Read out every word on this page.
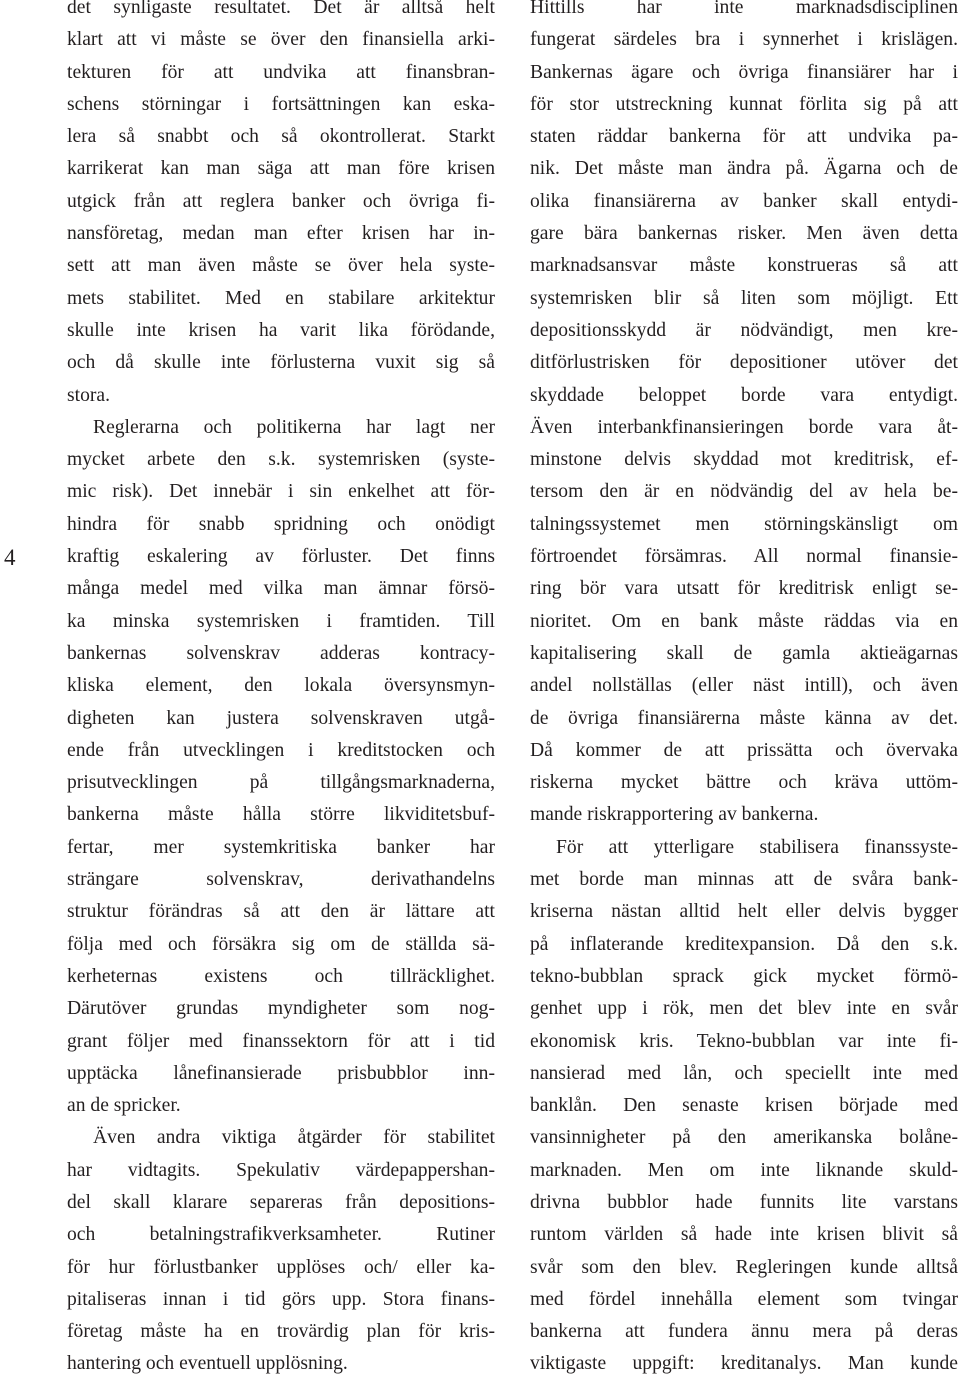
4
det synligaste resultatet. Det är alltså helt
klart att vi måste se över den finansiella arki-
tekturen för att undvika att finansbran-
schens störningar i fortsättningen kan eska-
lera så snabbt och så okontrollerat. Starkt
karrikerat kan man säga att man före krisen
utgick från att reglera banker och övriga fi-
nansföretag, medan man efter krisen har in-
sett att man även måste se över hela syste-
mets stabilitet. Med en stabilare arkitektur
skulle inte krisen ha varit lika förödande,
och då skulle inte förlusterna vuxit sig så
stora.
Reglerarna och politikerna har lagt ner
mycket arbete den s.k. systemrisken (syste-
mic risk). Det innebär i sin enkelhet att för-
hindra för snabb spridning och onödigt
kraftig eskalering av förluster. Det finns
många medel med vilka man ämnar försö-
ka minska systemrisken i framtiden. Till
bankernas solvenskrav adderas kontracy-
kliska element, den lokala översynsmyn-
digheten kan justera solvenskraven utgå-
ende från utvecklingen i kreditstocken och
prisutvecklingen på tillgångsmarknaderna,
bankerna måste hålla större likviditetsbuf-
fertar, mer systemkritiska banker har
strängare solvenskrav, derivathandelns
struktur förändras så att den är lättare att
följa med och försäkra sig om de ställda sä-
kerheternas existens och tillräcklighet.
Därutöver grundas myndigheter som nog-
grant följer med finanssektorn för att i tid
upptäcka lånefinansierade prisbubblor inn-
an de spricker.
Även andra viktiga åtgärder för stabilitet
har vidtagits. Spekulativ värdepappershan-
del skall klarare separeras från depositions-
och betalningstrafikverksamheter. Rutiner
för hur förlustbanker upplöses och/ eller ka-
pitaliseras innan i tid görs upp. Stora finans-
företag måste ha en trovärdig plan för kris-
hantering och eventuell upplösning.
Hittills har inte marknadsdisciplinen
fungerat särdeles bra i synnerhet i krislägen.
Bankernas ägare och övriga finansiärer har i
för stor utstreckning kunnat förlita sig på att
staten räddar bankerna för att undvika pa-
nik. Det måste man ändra på. Ägarna och de
olika finansiärerna av banker skall entydi-
gare bära bankernas risker. Men även detta
marknadsansvar måste konstrueras så att
systemrisken blir så liten som möjligt. Ett
depositionsskydd är nödvändigt, men kre-
ditförlustrisken för depositioner utöver det
skyddade beloppet borde vara entydigt.
Även interbankfinansieringen borde vara åt-
minstone delvis skyddad mot kreditrisk, ef-
tersom den är en nödvändig del av hela be-
talningssystemet men störningskänsligt om
förtroendet försämras. All normal finansie-
ring bör vara utsatt för kreditrisk enligt se-
nioritet. Om en bank måste räddas via en
kapitalisering skall de gamla aktieägarnas
andel nollställas (eller näst intill), och även
de övriga finansiärerna måste känna av det.
Då kommer de att prissätta och övervaka
riskerna mycket bättre och kräva uttöm-
mande riskrapportering av bankerna.
För att ytterligare stabilisera finanssyste-
met borde man minnas att de svåra bank-
kriserna nästan alltid helt eller delvis bygger
på inflaterande kreditexpansion. Då den s.k.
tekno-bubblan sprack gick mycket förmö-
genhet upp i rök, men det blev inte en svår
ekonomisk kris. Tekno-bubblan var inte fi-
nansierad med lån, och speciellt inte med
banklån. Den senaste krisen började med
vansinnigheter på den amerikanska bolåne-
marknaden. Men om inte liknande skuld-
drivna bubblor hade funnits lite varstans
runtom världen så hade inte krisen blivit så
svår som den blev. Regleringen kunde alltså
med fördel innehålla element som tvingar
bankerna att fundera ännu mera på deras
viktigaste uppgift: kreditanalys. Man kunde
